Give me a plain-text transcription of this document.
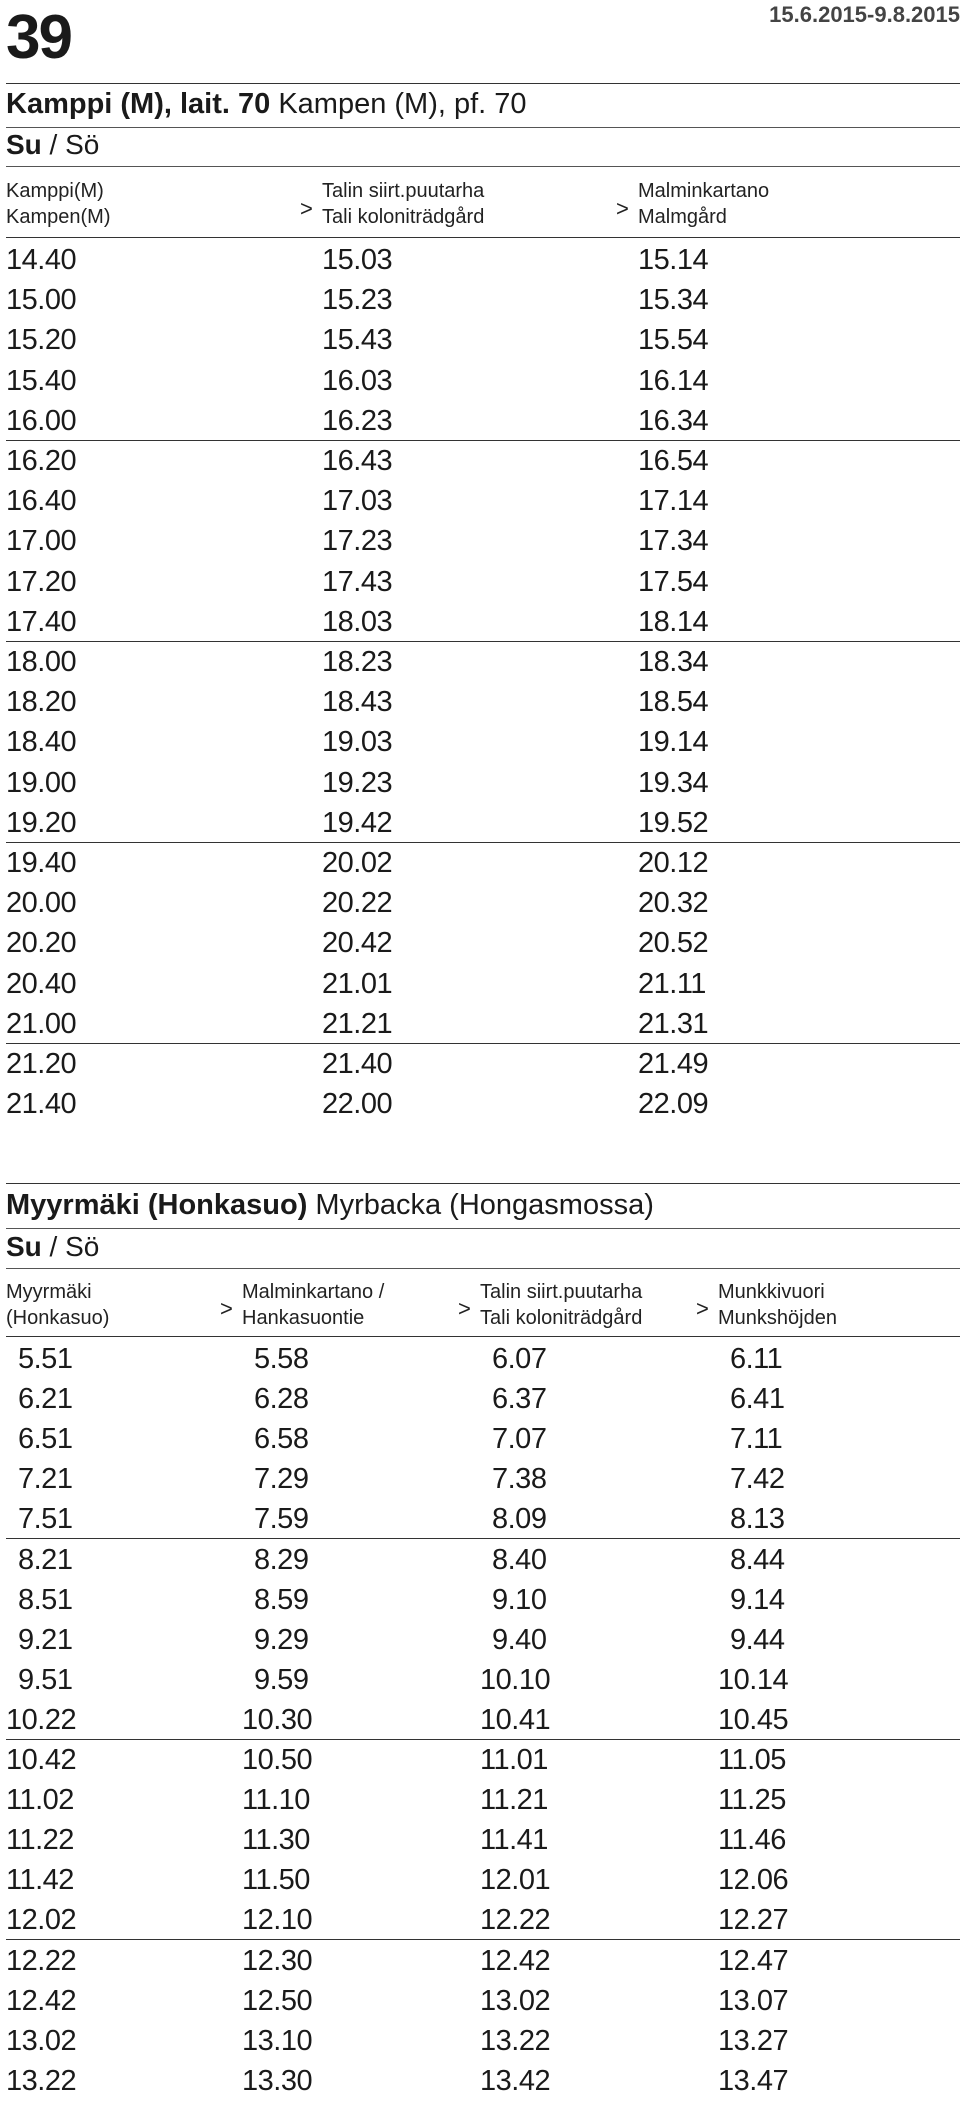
39	15.6.2015-9.8.2015
Kamppi (M), lait. 70 Kampen (M), pf. 70
Su / Sö
Kamppi(M)
Kampen(M)	>
Talin siirt.puutarha
Tali koloniträdgård	>
Malminkartano
Malmgård
14.40	15.03	15.14
15.00	15.23	15.34
15.20	15.43	15.54
15.40	16.03	16.14
16.00	16.23	16.34
16.20	16.43	16.54
16.40	17.03	17.14
17.00	17.23	17.34
17.20	17.43	17.54
17.40	18.03	18.14
18.00	18.23	18.34
18.20	18.43	18.54
18.40	19.03	19.14
19.00	19.23	19.34
19.20	19.42	19.52
19.40	20.02	20.12
20.00	20.22	20.32
20.20	20.42	20.52
20.40	21.01	21.11
21.00	21.21	21.31
21.20	21.40	21.49
21.40	22.00	22.09
Myyrmäki (Honkasuo) Myrbacka (Hongasmossa)
Su / Sö
Myyrmäki
(Honkasuo)	>
Malminkartano /
Hankasuontie	>
Talin siirt.puutarha
Tali koloniträdgård >
Munkkivuori
Munkshöjden
5.51	5.58	6.07	6.11
6.21	6.28	6.37	6.41
6.51	6.58	7.07	7.11
7.21	7.29	7.38	7.42
7.51	7.59	8.09	8.13
8.21	8.29	8.40	8.44
8.51	8.59	9.10	9.14
9.21	9.29	9.40	9.44
9.51	9.59	10.10	10.14
10.22	10.30	10.41	10.45
10.42	10.50	11.01	11.05
11.02	11.10	11.21	11.25
11.22	11.30	11.41	11.46
11.42	11.50	12.01	12.06
12.02	12.10	12.22	12.27
12.22	12.30	12.42	12.47
12.42	12.50	13.02	13.07
13.02	13.10	13.22	13.27
13.22	13.30	13.42	13.47
